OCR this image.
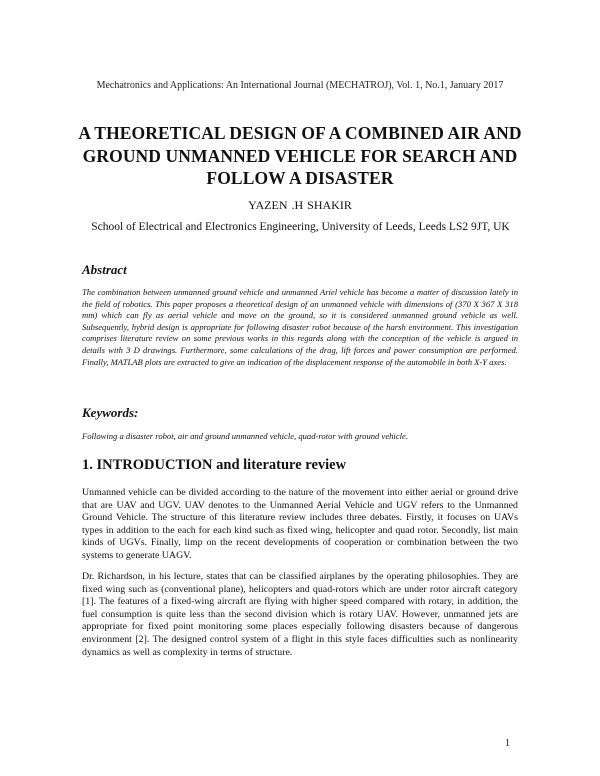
Mechatronics and Applications: An International Journal (MECHATROJ), Vol. 1, No.1, January 2017
A THEORETICAL DESIGN OF A COMBINED AIR AND GROUND UNMANNED VEHICLE FOR SEARCH AND FOLLOW A DISASTER
YAZEN .H SHAKIR
School of Electrical and Electronics Engineering, University of Leeds, Leeds LS2 9JT, UK
Abstract
The combination between unmanned ground vehicle and unmanned Ariel vehicle has become a matter of discussion lately in the field of robotics. This paper proposes a theoretical design of an unmanned vehicle with dimensions of (370 X 367 X 318 mm) which can fly as aerial vehicle and move on the ground, so it is considered unmanned ground vehicle as well. Subsequently, hybrid design is appropriate for following disaster robot because of the harsh environment. This investigation comprises literature review on some previous works in this regards along with the conception of the vehicle is argued in details with 3 D drawings. Furthermore, some calculations of the drag, lift forces and power consumption are performed. Finally, MATLAB plots are extracted to give an indication of the displacement response of the automobile in both X-Y axes.
Keywords:
Following a disaster robot, air and ground unmanned vehicle, quad-rotor with ground vehicle.
1. INTRODUCTION and literature review
Unmanned vehicle can be divided according to the nature of the movement into either aerial or ground drive that are UAV and UGV. UAV denotes to the Unmanned Aerial Vehicle and UGV refers to the Unmanned Ground Vehicle. The structure of this literature review includes three debates. Firstly, it focuses on UAVs types in addition to the each for each kind such as fixed wing, helicopter and quad rotor. Secondly, list main kinds of UGVs. Finally, limp on the recent developments of cooperation or combination between the two systems to generate UAGV.
Dr. Richardson, in his lecture, states that can be classified airplanes by the operating philosophies. They are fixed wing such as (conventional plane), helicopters and quad-rotors which are under rotor aircraft category [1]. The features of a fixed-wing aircraft are flying with higher speed compared with rotary, in addition, the fuel consumption is quite less than the second division which is rotary UAV. However, unmanned jets are appropriate for fixed point monitoring some places especially following disasters because of dangerous environment [2]. The designed control system of a flight in this style faces difficulties such as nonlinearity dynamics as well as complexity in terms of structure.
1
